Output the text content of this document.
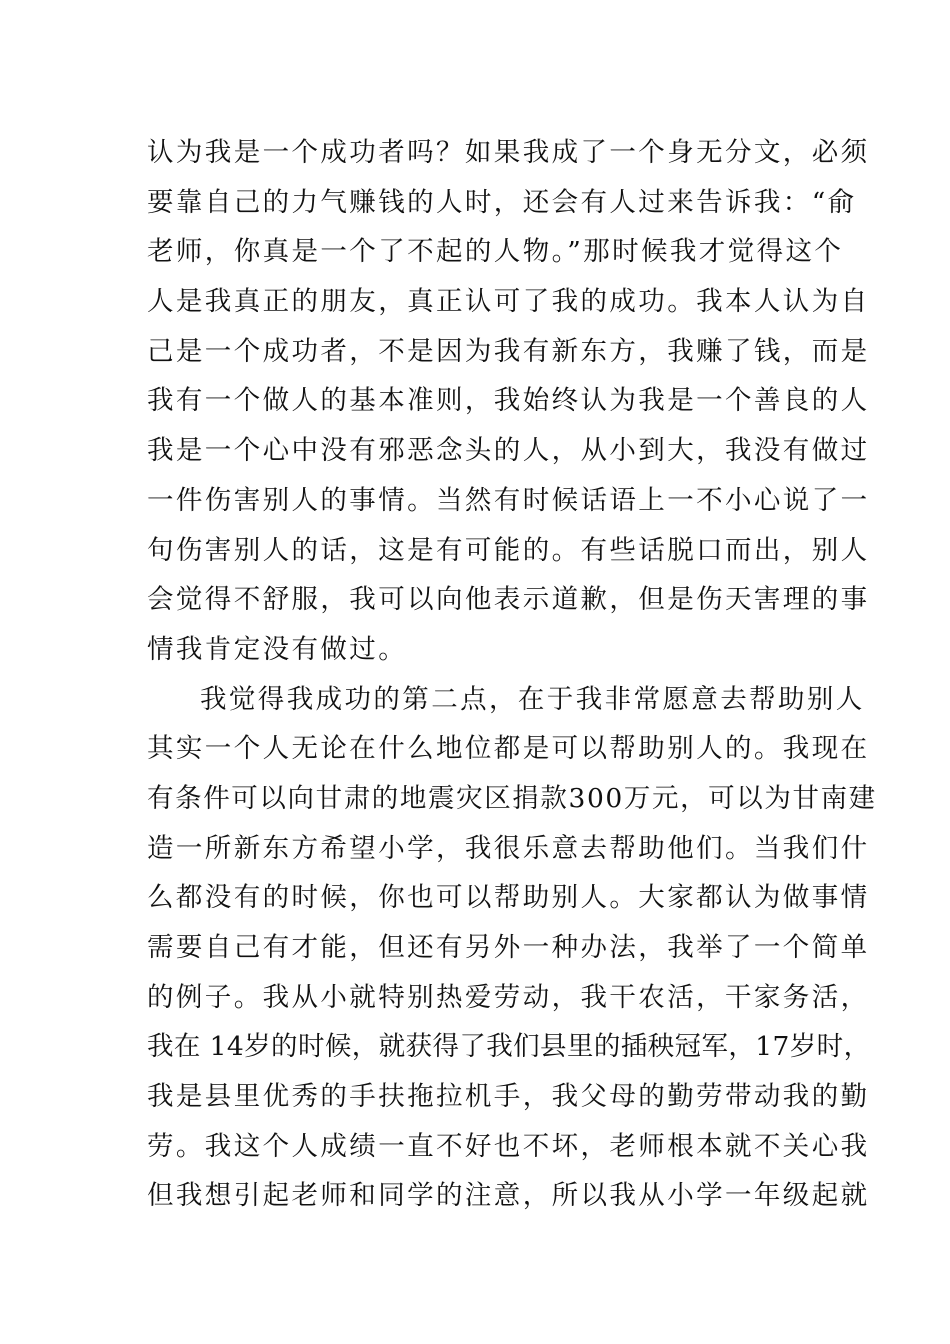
认为我是一个成功者吗？如果我成了一个身无分文，必须
要靠自己的力气赚钱的人时，还会有人过来告诉我：“俞
老师，你真是一个了不起的人物。”那时候我才觉得这个
人是我真正的朋友，真正认可了我的成功。我本人认为自
己是一个成功者，不是因为我有新东方，我赚了钱，而是
我有一个做人的基本准则，我始终认为我是一个善良的人
我是一个心中没有邪恶念头的人，从小到大，我没有做过
一件伤害别人的事情。当然有时候话语上一不小心说了一
句伤害别人的话，这是有可能的。有些话脱口而出，别人
会觉得不舒服，我可以向他表示道歉，但是伤天害理的事
情我肯定没有做过。
我觉得我成功的第二点，在于我非常愿意去帮助别人
其实一个人无论在什么地位都是可以帮助别人的。我现在
有条件可以向甘肃的地震灾区捐款300万元，可以为甘南建
造一所新东方希望小学，我很乐意去帮助他们。当我们什
么都没有的时候，你也可以帮助别人。大家都认为做事情
需要自己有才能，但还有另外一种办法，我举了一个简单
的例子。我从小就特别热爱劳动，我干农活，干家务活，
我在 14岁的时候，就获得了我们县里的插秧冠军，17岁时，
我是县里优秀的手扶拖拉机手，我父母的勤劳带动我的勤
劳。我这个人成绩一直不好也不坏，老师根本就不关心我
但我想引起老师和同学的注意，所以我从小学一年级起就
